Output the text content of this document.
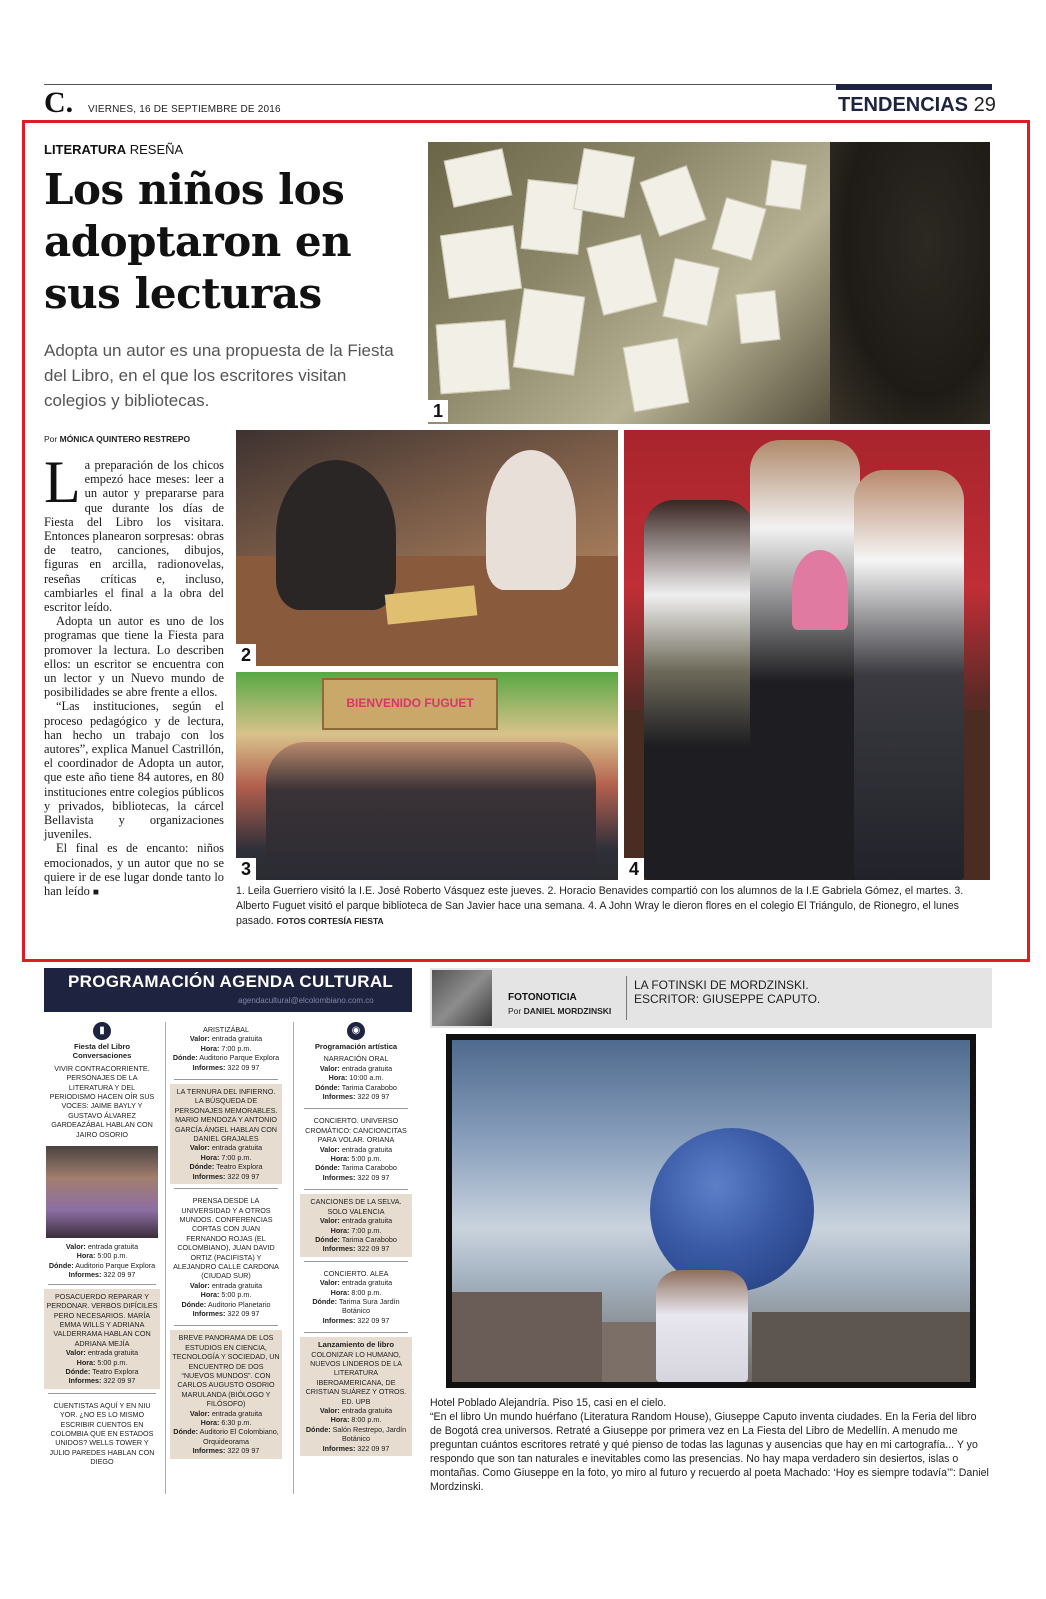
C. VIERNES, 16 DE SEPTIEMBRE DE 2016	TENDENCIAS 29
LITERATURA RESEÑA
Los niños los adoptaron en sus lecturas
Adopta un autor es una propuesta de la Fiesta del Libro, en el que los escritores visitan colegios y bibliotecas.
Por MÓNICA QUINTERO RESTREPO

La preparación de los chicos empezó hace meses: leer a un autor y prepararse para que durante los días de Fiesta del Libro los visitara. Entonces planearon sorpresas: obras de teatro, canciones, dibujos, figuras en arcilla, radionovelas, reseñas críticas e, incluso, cambiarles el final a la obra del escritor leído.

Adopta un autor es uno de los programas que tiene la Fiesta para promover la lectura. Lo describen ellos: un escritor se encuentra con un lector y un Nuevo mundo de posibilidades se abre frente a ellos.

“Las instituciones, según el proceso pedagógico y de lectura, han hecho un trabajo con los autores”, explica Manuel Castrillón, el coordinador de Adopta un autor, que este año tiene 84 autores, en 80 instituciones entre colegios públicos y privados, bibliotecas, la cárcel Bellavista y organizaciones juveniles.

El final es de encanto: niños emocionados, y un autor que no se quiere ir de ese lugar donde tanto lo han leído ■

1
2
BIENVENIDO FUGUET
3	4
1. Leila Guerriero visitó la I.E. José Roberto Vásquez este jueves. 2. Horacio Benavides compartió con los alumnos de la I.E Gabriela Gómez, el martes. 3. Alberto Fuguet visitó el parque biblioteca de San Javier hace una semana. 4. A John Wray le dieron flores en el colegio El Triángulo, de Rionegro, el lunes pasado. FOTOS CORTESÍA FIESTA
PROGRAMACIÓN AGENDA CULTURAL
agendacultural@elcolombiano.com.co
▮
Fiesta del Libro Conversaciones
VIVIR CONTRACORRIENTE. PERSONAJES DE LA LITERATURA Y DEL PERIODISMO HACEN OÍR SUS VOCES: JAIME BAYLY Y GUSTAVO ÁLVAREZ GARDEAZÁBAL HABLAN CON JAIRO OSORIO
Valor: entrada gratuita
Hora: 5:00 p.m.
Dónde: Auditorio Parque Explora
Informes: 322 09 97
POSACUERDO REPARAR Y PERDONAR. VERBOS DIFÍCILES PERO NECESARIOS. MARÍA EMMA WILLS Y ADRIANA VALDERRAMA HABLAN CON ADRIANA MEJÍA
Valor: entrada gratuita
Hora: 5:00 p.m.
Dónde: Teatro Explora
Informes: 322 09 97
CUENTISTAS AQUÍ Y EN NIU YOR. ¿NO ES LO MISMO ESCRIBIR CUENTOS EN COLOMBIA QUE EN ESTADOS UNIDOS? WELLS TOWER Y JULIO PAREDES HABLAN CON DIEGO
ARISTIZÁBAL
Valor: entrada gratuita
Hora: 7:00 p.m.
Dónde: Auditorio Parque Explora
Informes: 322 09 97
LA TERNURA DEL INFIERNO. LA BÚSQUEDA DE PERSONAJES MEMORABLES. MARIO MENDOZA Y ANTONIO GARCÍA ÁNGEL HABLAN CON DANIEL GRAJALES
Valor: entrada gratuita
Hora: 7:00 p.m.
Dónde: Teatro Explora
Informes: 322 09 97
PRENSA DESDE LA UNIVERSIDAD Y A OTROS MUNDOS. CONFERENCIAS CORTAS CON JUAN FERNANDO ROJAS (EL COLOMBIANO), JUAN DAVID ORTIZ (PACIFISTA) Y ALEJANDRO CALLE CARDONA (CIUDAD SUR)
Valor: entrada gratuita
Hora: 5:00 p.m.
Dónde: Auditorio Planetario
Informes: 322 09 97
BREVE PANORAMA DE LOS ESTUDIOS EN CIENCIA, TECNOLOGÍA Y SOCIEDAD, UN ENCUENTRO DE DOS “NUEVOS MUNDOS”. CON CARLOS AUGUSTO OSORIO MARULANDA (BIÓLOGO Y FILÓSOFO)
Valor: entrada gratuita
Hora: 6:30 p.m.
Dónde: Auditorio El Colombiano, Orquideorama
Informes: 322 09 97
◉
Programación artística
NARRACIÓN ORAL
Valor: entrada gratuita
Hora: 10:00 a.m.
Dónde: Tarima Carabobo
Informes: 322 09 97
CONCIERTO. UNIVERSO CROMÁTICO: CANCIONCITAS PARA VOLAR. ORIANA
Valor: entrada gratuita
Hora: 5:00 p.m.
Dónde: Tarima Carabobo
Informes: 322 09 97
CANCIONES DE LA SELVA. SOLO VALENCIA
Valor: entrada gratuita
Hora: 7:00 p.m.
Dónde: Tarima Carabobo
Informes: 322 09 97
CONCIERTO. ALEA
Valor: entrada gratuita
Hora: 8:00 p.m.
Dónde: Tarima Sura Jardín Botánico
Informes: 322 09 97
Lanzamiento de libro
COLONIZAR LO HUMANO, NUEVOS LINDEROS DE LA LITERATURA IBEROAMERICANA, DE CRISTIAN SUÁREZ Y OTROS. ED. UPB
Valor: entrada gratuita
Hora: 8:00 p.m.
Dónde: Salón Restrepo, Jardín Botánico
Informes: 322 09 97
FOTONOTICIA
Por DANIEL MORDZINSKI
LA FOTINSKI DE MORDZINSKI.
ESCRITOR: GIUSEPPE CAPUTO.
Hotel Poblado Alejandría. Piso 15, casi en el cielo.
“En el libro Un mundo huérfano (Literatura Random House), Giuseppe Caputo inventa ciudades. En la Feria del libro de Bogotá crea universos. Retraté a Giuseppe por primera vez en La Fiesta del Libro de Medellín. A menudo me preguntan cuántos escritores retraté y qué pienso de todas las lagunas y ausencias que hay en mi cartografía... Y yo respondo que son tan naturales e inevitables como las presencias. No hay mapa verdadero sin desiertos, islas o montañas. Como Giuseppe en la foto, yo miro al futuro y recuerdo al poeta Machado: ‘Hoy es siempre todavía’”: Daniel Mordzinski.
